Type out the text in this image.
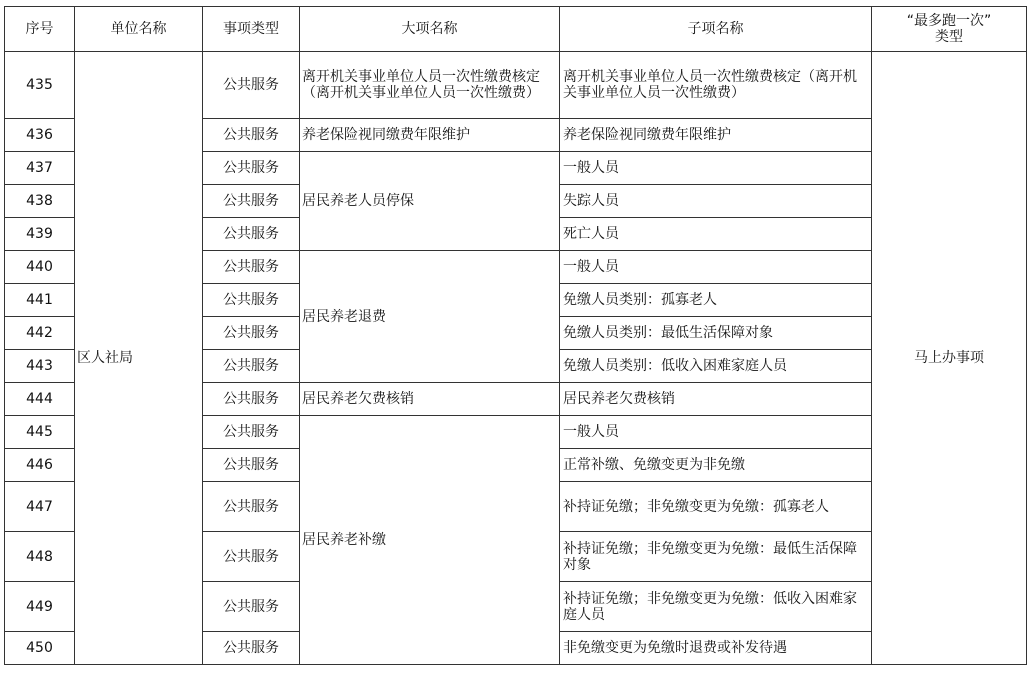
序号	单位名称	事项类型	大项名称	子项名称	“最多跑一次”
类型

435	区人社局	公共服务	离开机关事业单位人员一次性缴费核定（离开机关事业单位人员一次性缴费）	离开机关事业单位人员一次性缴费核定（离开机关事业单位人员一次性缴费）	马上办事项
436		公共服务	养老保险视同缴费年限维护	养老保险视同缴费年限维护	
437		公共服务	居民养老人员停保	一般人员	
438		公共服务		失踪人员	
439		公共服务		死亡人员	
440		公共服务	居民养老退费	一般人员	
441		公共服务		免缴人员类别：孤寡老人	
442		公共服务		免缴人员类别：最低生活保障对象	
443		公共服务		免缴人员类别：低收入困难家庭人员	
444		公共服务	居民养老欠费核销	居民养老欠费核销	
445		公共服务	居民养老补缴	一般人员	
446		公共服务		正常补缴、免缴变更为非免缴	
447		公共服务		补持证免缴；非免缴变更为免缴：孤寡老人	
448		公共服务		补持证免缴；非免缴变更为免缴：最低生活保障对象	
449		公共服务		补持证免缴；非免缴变更为免缴：低收入困难家庭人员	
450		公共服务		非免缴变更为免缴时退费或补发待遇	
